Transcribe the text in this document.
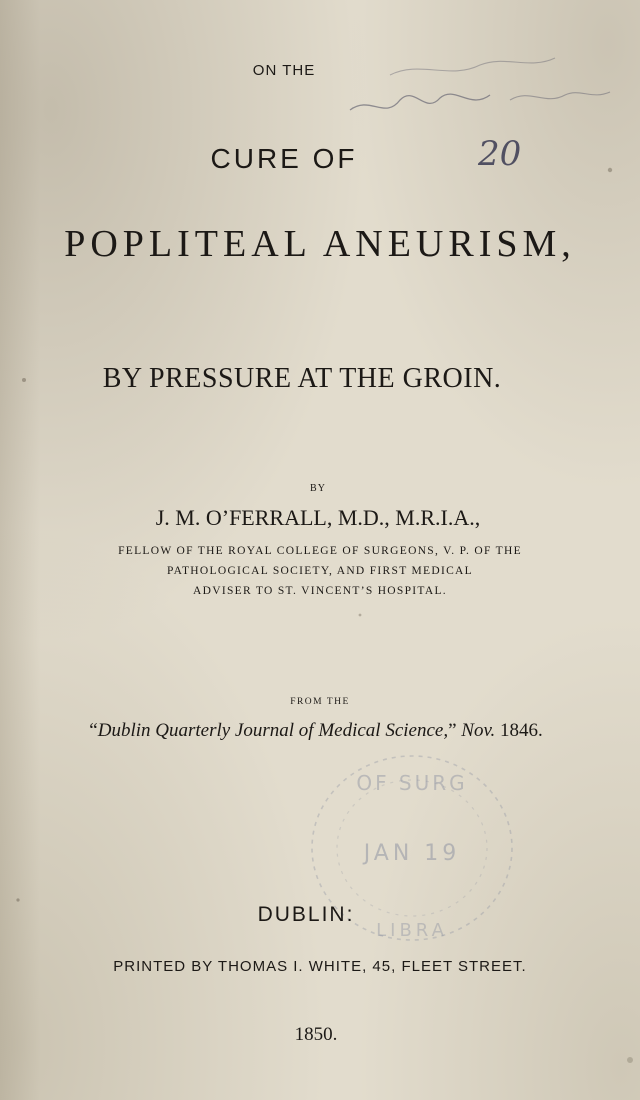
20
OF SURG
JAN 19
LIBRA

ON THE

CURE OF

POPLITEAL ANEURISM,

BY PRESSURE AT THE GROIN.

BY

J. M. O’FERRALL, M.D., M.R.I.A.,

FELLOW OF THE ROYAL COLLEGE OF SURGEONS, V. P. OF THE
PATHOLOGICAL SOCIETY, AND FIRST MEDICAL
ADVISER TO ST. VINCENT’S HOSPITAL.

FROM THE

“Dublin Quarterly Journal of Medical Science,” Nov. 1846.

DUBLIN:

PRINTED BY THOMAS I. WHITE, 45, FLEET STREET.

1850.
